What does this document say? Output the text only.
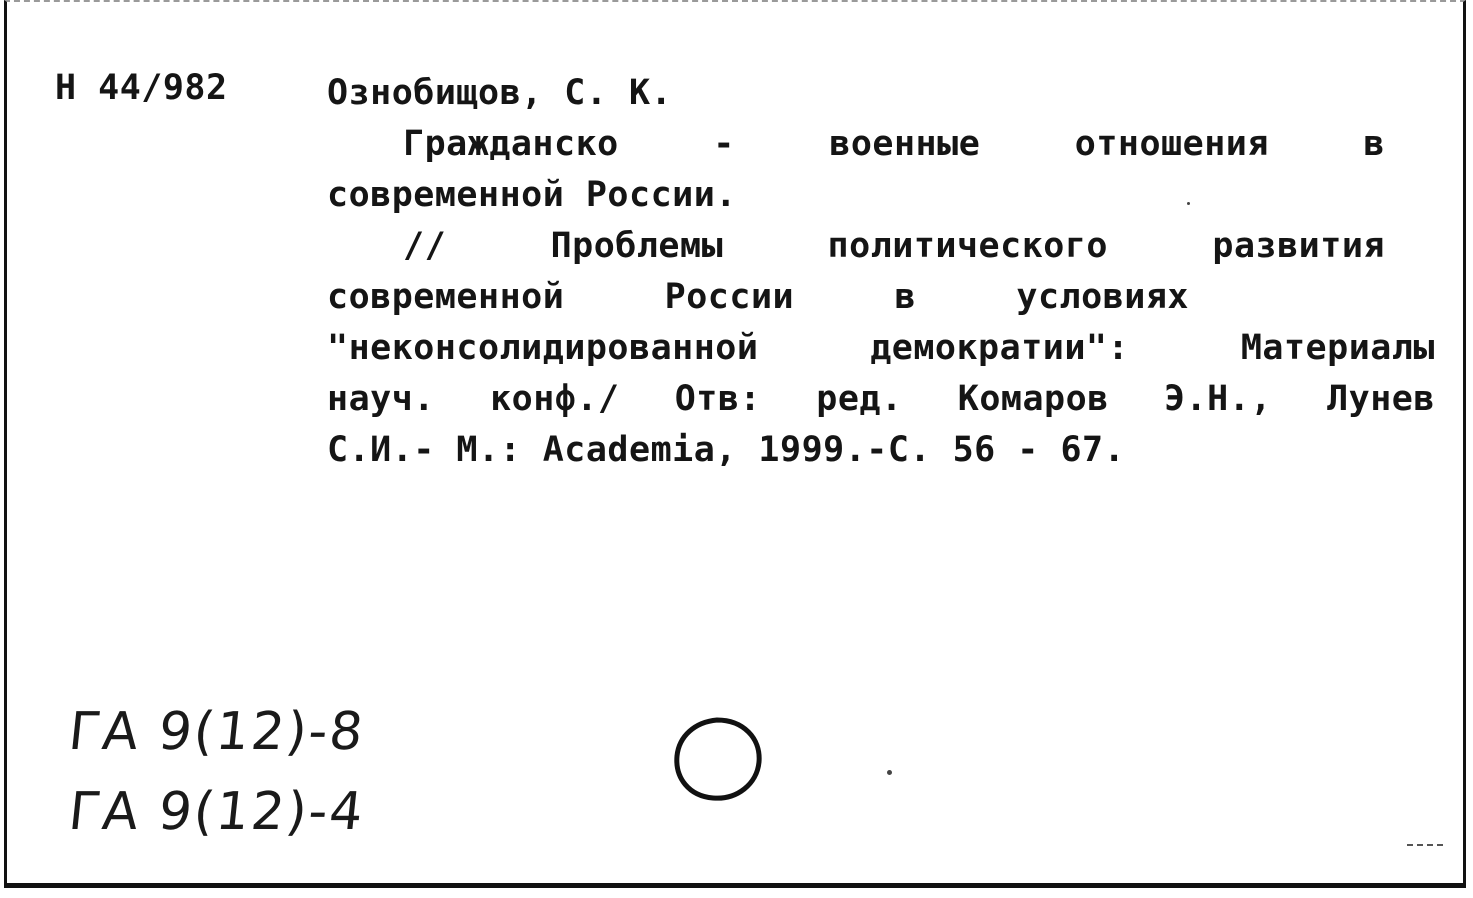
Н 44/982	Ознобищов, С. К.
Гражданско	-	военные	отношения	в
современной России.
//	Проблемы	политического	развития
современной	России	в	условиях
"неконсолидированной	демократии":	Материалы
науч. конф./ Отв: ред. Комаров Э.Н., Лунев
С.И.- М.: Academia, 1999.-С. 56 - 67.
ГА 9(12)-8
ГА 9(12)-4
